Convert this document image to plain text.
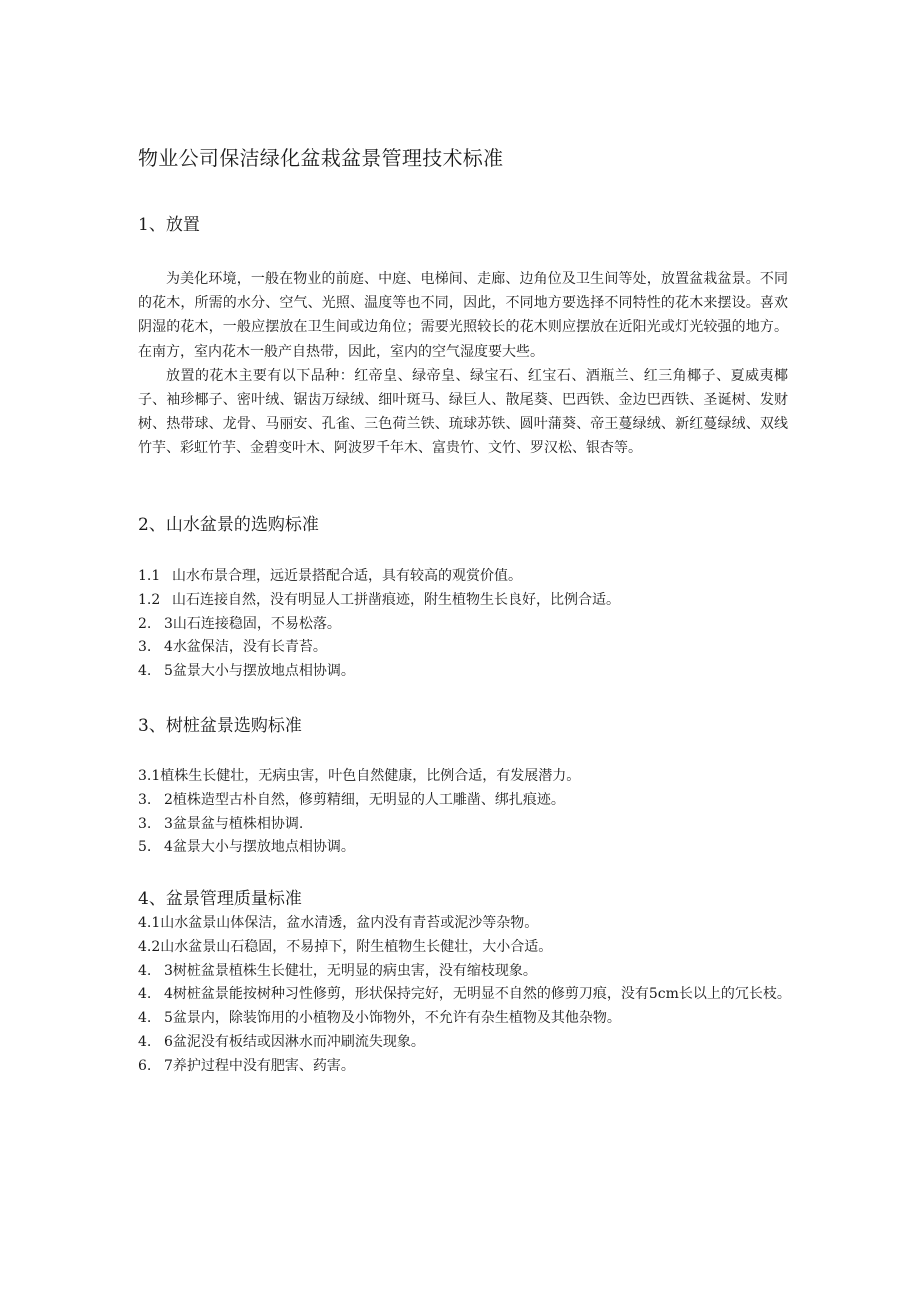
物业公司保洁绿化盆栽盆景管理技术标准
1、放置

为美化环境，一般在物业的前庭、中庭、电梯间、走廊、边角位及卫生间等处，放置盆栽盆景。不同的花木，所需的水分、空气、光照、温度等也不同，因此，不同地方要选择不同特性的花木来摆设。喜欢阴湿的花木，一般应摆放在卫生间或边角位；需要光照较长的花木则应摆放在近阳光或灯光较强的地方。在南方，室内花木一般产自热带，因此，室内的空气湿度要大些。

放置的花木主要有以下品种：红帝皇、绿帝皇、绿宝石、红宝石、酒瓶兰、红三角椰子、夏威夷椰子、袖珍椰子、密叶绒、锯齿万绿绒、细叶斑马、绿巨人、散尾葵、巴西铁、金边巴西铁、圣诞树、发财树、热带球、龙骨、马丽安、孔雀、三色荷兰铁、琉球苏铁、圆叶蒲葵、帝王蔓绿绒、新红蔓绿绒、双线竹芋、彩虹竹芋、金碧变叶木、阿波罗千年木、富贵竹、文竹、罗汉松、银杏等。

2、山水盆景的选购标准
1.1 山水布景合理，远近景搭配合适，具有较高的观赏价值。
1.2 山石连接自然，没有明显人工拼凿痕迹，附生植物生长良好，比例合适。
2. 3山石连接稳固，不易松落。
3. 4水盆保洁，没有长青苔。
4. 5盆景大小与摆放地点相协调。
3、树桩盆景选购标准
3.1植株生长健壮，无病虫害，叶色自然健康，比例合适，有发展潜力。
3. 2植株造型古朴自然，修剪精细，无明显的人工雕凿、绑扎痕迹。
3. 3盆景盆与植株相协调.
5. 4盆景大小与摆放地点相协调。
4、盆景管理质量标准
4.1山水盆景山体保洁，盆水清透，盆内没有青苔或泥沙等杂物。
4.2山水盆景山石稳固，不易掉下，附生植物生长健壮，大小合适。
4. 3树桩盆景植株生长健壮，无明显的病虫害，没有缩枝现象。
4. 4树桩盆景能按树种习性修剪，形状保持完好，无明显不自然的修剪刀痕，没有5cm长以上的冗长枝。
4. 5盆景内，除装饰用的小植物及小饰物外，不允许有杂生植物及其他杂物。
4. 6盆泥没有板结或因淋水而冲刷流失现象。
6. 7养护过程中没有肥害、药害。
